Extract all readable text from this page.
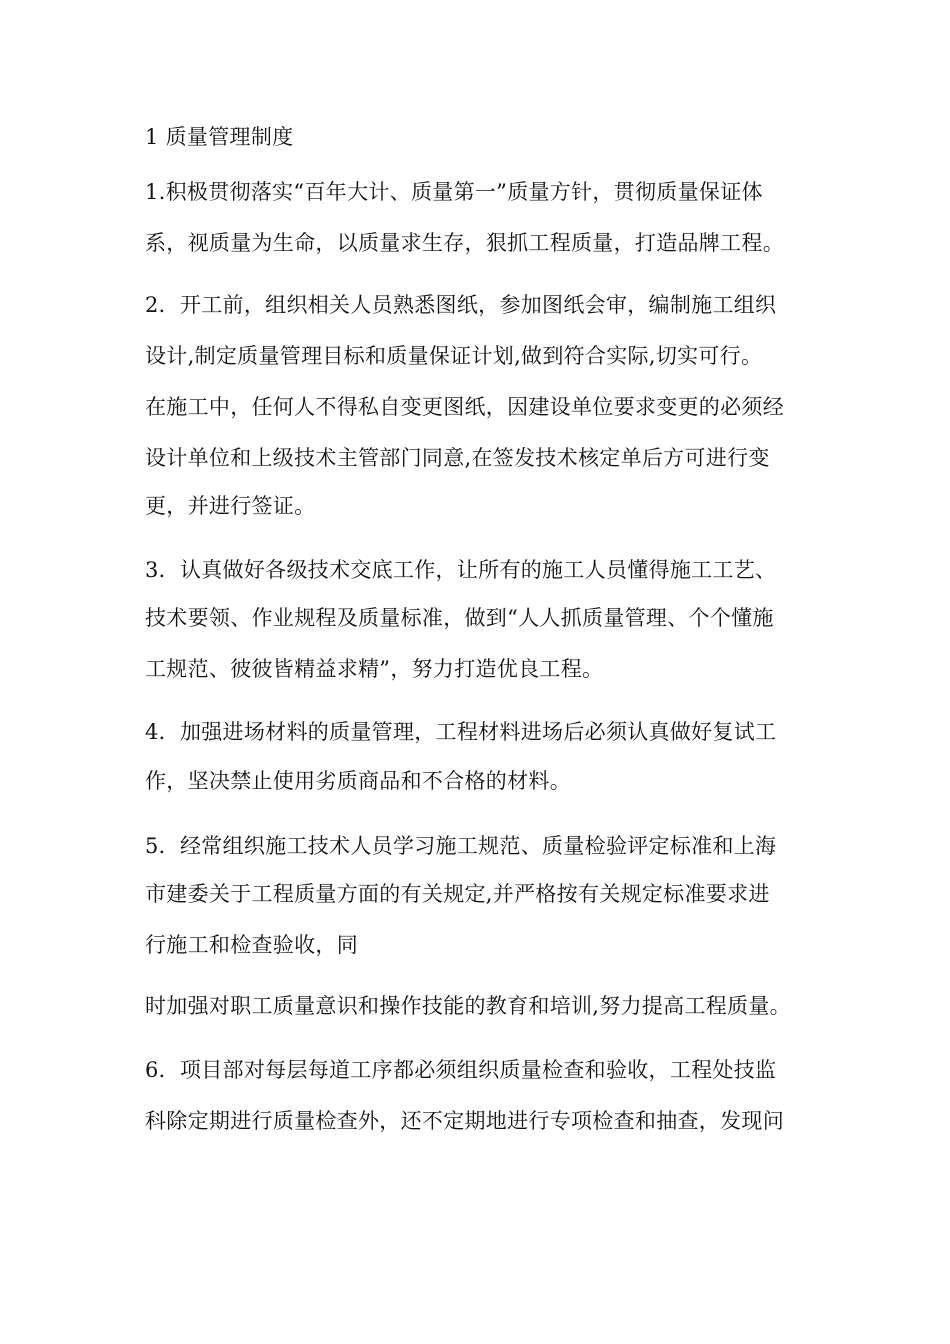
1 质量管理制度
1.积极贯彻落实“百年大计、质量第一”质量方针，贯彻质量保证体
系，视质量为生命，以质量求生存，狠抓工程质量，打造品牌工程。
2．开工前，组织相关人员熟悉图纸，参加图纸会审，编制施工组织
设计,制定质量管理目标和质量保证计划,做到符合实际,切实可行。
在施工中，任何人不得私自变更图纸，因建设单位要求变更的必须经
设计单位和上级技术主管部门同意,在签发技术核定单后方可进行变
更，并进行签证。
3．认真做好各级技术交底工作，让所有的施工人员懂得施工工艺、
技术要领、作业规程及质量标准，做到“人人抓质量管理、个个懂施
工规范、彼彼皆精益求精”，努力打造优良工程。
4．加强进场材料的质量管理，工程材料进场后必须认真做好复试工
作，坚决禁止使用劣质商品和不合格的材料。
5．经常组织施工技术人员学习施工规范、质量检验评定标准和上海
市建委关于工程质量方面的有关规定,并严格按有关规定标准要求进
行施工和检查验收，同
时加强对职工质量意识和操作技能的教育和培训,努力提高工程质量。
6．项目部对每层每道工序都必须组织质量检查和验收，工程处技监
科除定期进行质量检查外，还不定期地进行专项检查和抽查，发现问
